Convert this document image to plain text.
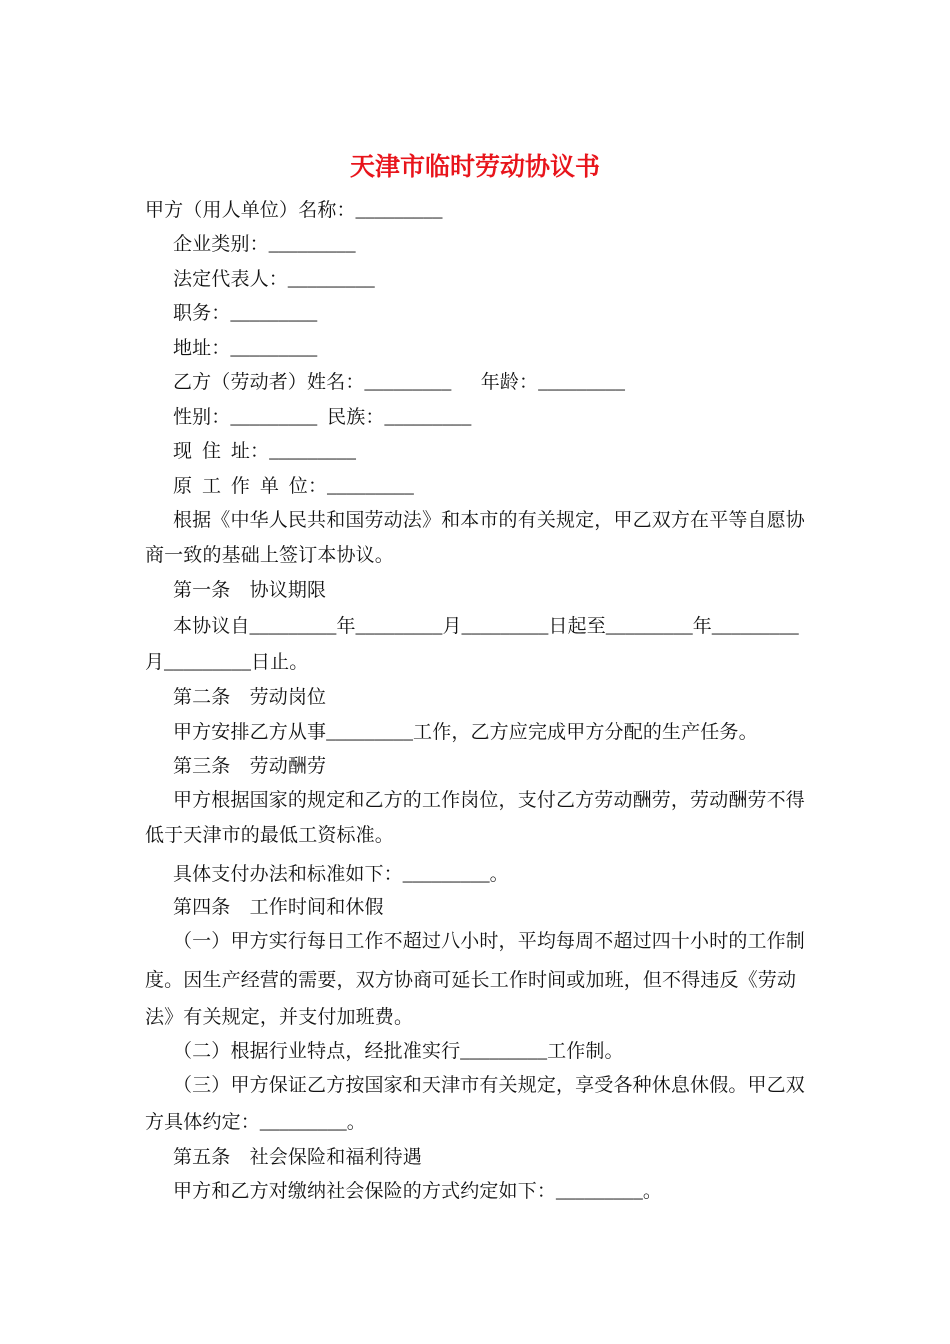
天津市临时劳动协议书
甲方（用人单位）名称：_________
企业类别：_________
法定代表人：_________
职务：_________
地址：_________
乙方（劳动者）姓名：_________      年龄：_________
性别：_________  民族：_________
现  住  址：_________
原  工  作  单  位：_________
根据《中华人民共和国劳动法》和本市的有关规定，甲乙双方在平等自愿协
商一致的基础上签订本协议。
第一条　协议期限
本协议自_________年_________月_________日起至_________年_________
月_________日止。
第二条　劳动岗位
甲方安排乙方从事_________工作，乙方应完成甲方分配的生产任务。
第三条　劳动酬劳
甲方根据国家的规定和乙方的工作岗位，支付乙方劳动酬劳，劳动酬劳不得
低于天津市的最低工资标准。
具体支付办法和标准如下：_________。
第四条　工作时间和休假
（一）甲方实行每日工作不超过八小时，平均每周不超过四十小时的工作制
度。因生产经营的需要，双方协商可延长工作时间或加班，但不得违反《劳动
法》有关规定，并支付加班费。
（二）根据行业特点，经批准实行_________工作制。
（三）甲方保证乙方按国家和天津市有关规定，享受各种休息休假。甲乙双
方具体约定：_________。
第五条　社会保险和福利待遇
甲方和乙方对缴纳社会保险的方式约定如下：_________。
